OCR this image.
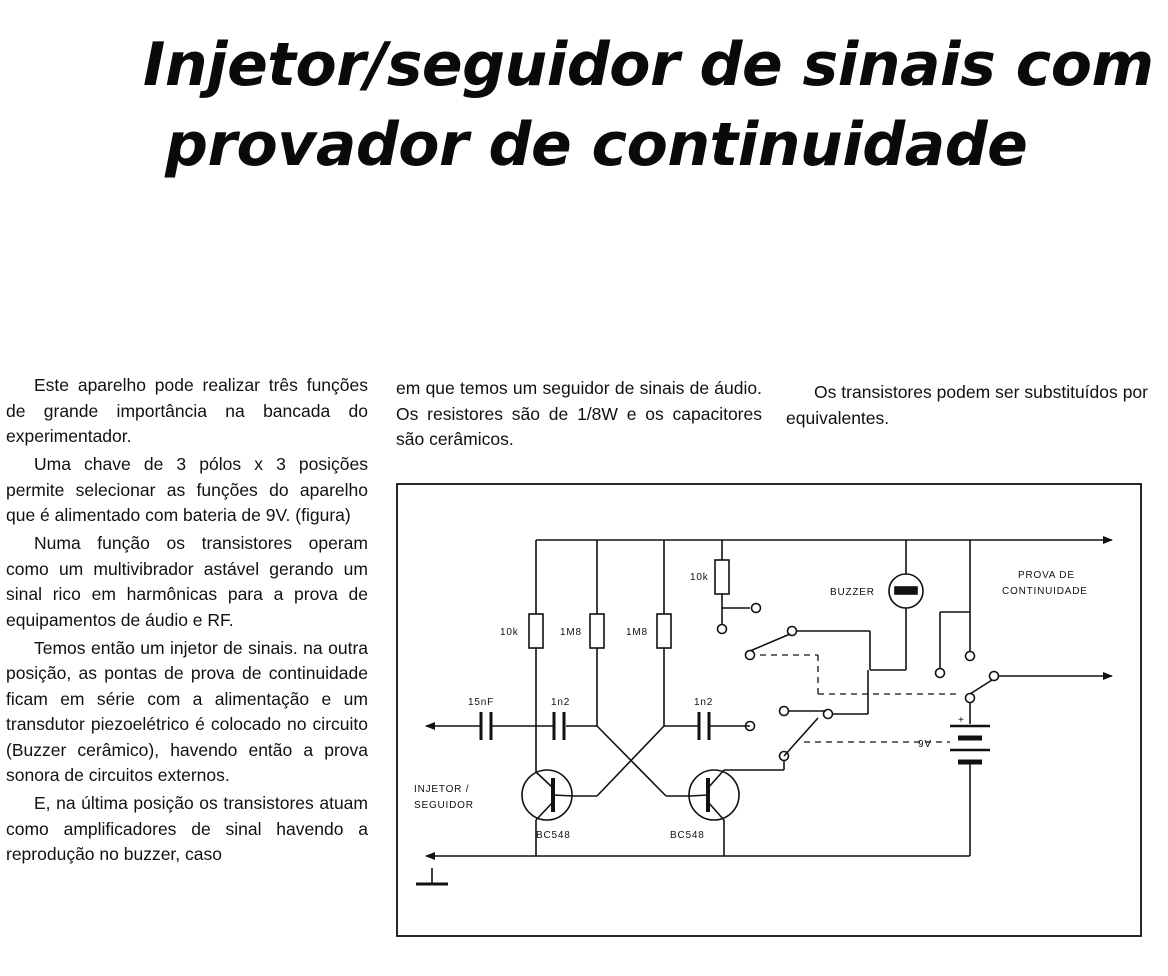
Injetor/seguidor de sinais com
provador de continuidade

Este aparelho pode realizar três funções de grande importância na bancada do experimentador.

Uma chave de 3 pólos x 3 posições permite selecionar as funções do aparelho que é alimentado com bateria de 9V. (figura)

Numa função os transistores operam como um multivibrador astável gerando um sinal rico em harmônicas para a prova de equipamentos de áudio e RF.

Temos então um injetor de sinais. na outra posição, as pontas de prova de continuidade ficam em série com a alimentação e um transdutor piezoelétrico é colocado no circuito (Buzzer cerâmico), havendo então a prova sonora de circuitos externos.

E, na última posição os transistores atuam como amplificadores de sinal havendo a reprodução no buzzer, caso

em que temos um seguidor de sinais de áudio. Os resistores são de 1/8W e os capacitores são cerâmicos.

Os transistores podem ser substituídos por equivalentes.

10k	1M8	1M8
10k
15nF	1n2	1n2
BUZZER
PROVA DE
CONTINUIDADE
9V
+
BC548	BC548
INJETOR /
SEGUIDOR
